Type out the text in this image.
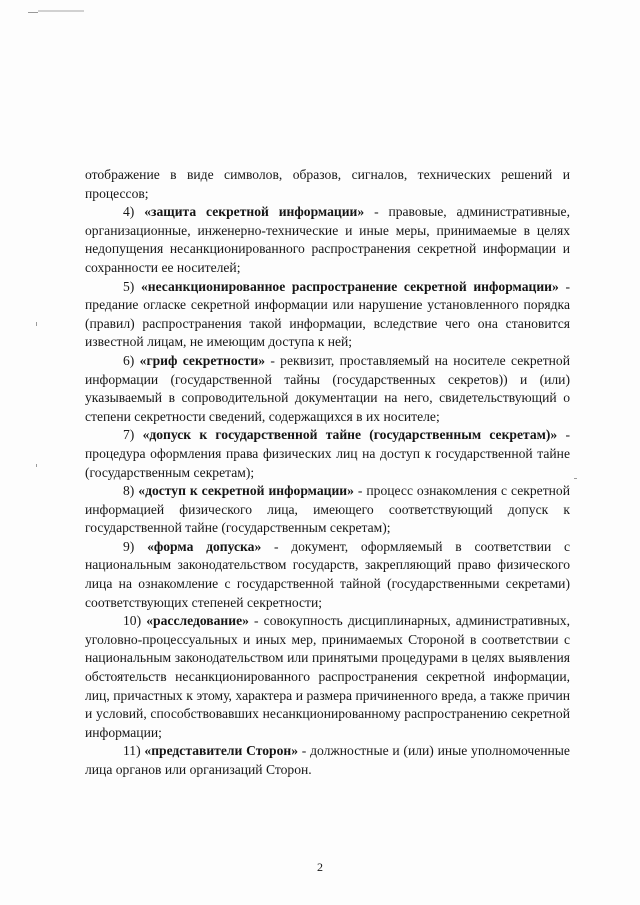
отображение в виде символов, образов, сигналов, технических решений и процессов;

4) «защита секретной информации» - правовые, административные, организационные, инженерно-технические и иные меры, принимаемые в целях недопущения несанкционированного распространения секретной информации и сохранности ее носителей;

5) «несанкционированное распространение секретной информации» - предание огласке секретной информации или нарушение установленного порядка (правил) распространения такой информации, вследствие чего она становится известной лицам, не имеющим доступа к ней;

6) «гриф секретности» - реквизит, проставляемый на носителе секретной информации (государственной тайны (государственных секретов)) и (или) указываемый в сопроводительной документации на него, свидетельствующий о степени секретности сведений, содержащихся в их носителе;

7) «допуск к государственной тайне (государственным секретам)» - процедура оформления права физических лиц на доступ к государственной тайне (государственным секретам);

8) «доступ к секретной информации» - процесс ознакомления с секретной информацией физического лица, имеющего соответствующий допуск к государственной тайне (государственным секретам);

9) «форма допуска» - документ, оформляемый в соответствии с национальным законодательством государств, закрепляющий право физического лица на ознакомление с государственной тайной (государственными секретами) соответствующих степеней секретности;

10) «расследование» - совокупность дисциплинарных, административных, уголовно-процессуальных и иных мер, принимаемых Стороной в соответствии с национальным законодательством или принятыми процедурами в целях выявления обстоятельств несанкционированного распространения секретной информации, лиц, причастных к этому, характера и размера причиненного вреда, а также причин и условий, способствовавших несанкционированному распространению секретной информации;

11) «представители Сторон» - должностные и (или) иные уполномоченные лица органов или организаций Сторон.

2
